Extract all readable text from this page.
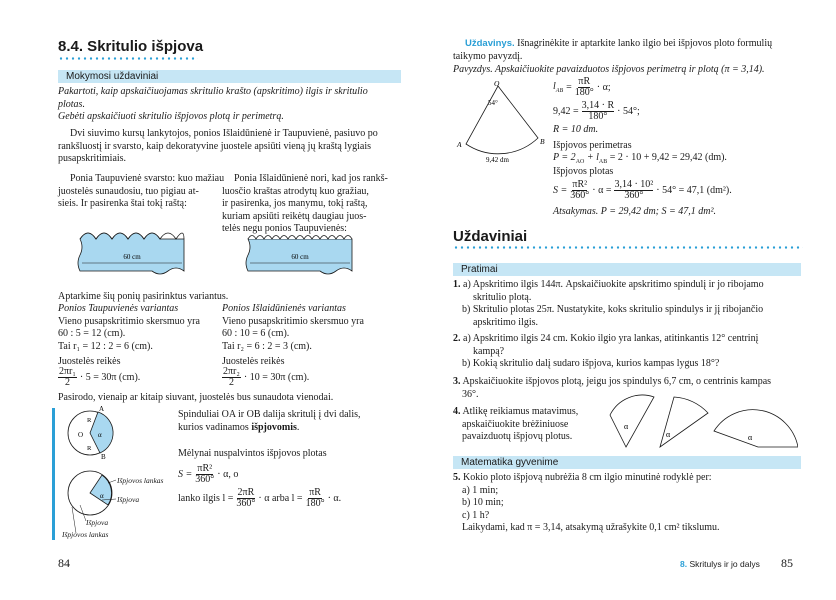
8.4. Skritulio išpjova
Mokymosi uždaviniai
Pakartoti, kaip apskaičiuojamas skritulio krašto (apskritimo) ilgis ir skritulio
plotas.
Gebėti apskaičiuoti skritulio išpjovos plotą ir perimetrą.
Dvi siuvimo kursų lankytojos, ponios Išlaidūnienė ir Taupuvienė, pasiuvo po
rankšluostį ir svarsto, kaip dekoratyvine juostele apsiūti vieną jų kraštą lygiais
pusapskritimiais.
Ponia Taupuvienė svarsto: kuo mažiau
juostelės sunaudosiu, tuo pigiau at-
sieis. Ir pasirenka štai tokį raštą:
Ponia Išlaidūnienė nori, kad jos rankš-
luosčio kraštas atrodytų kuo gražiau,
ir pasirenka, jos manymu, tokį raštą,
kuriam apsiūti reikėtų daugiau juos-
telės negu ponios Taupuvienės:
60 cm	60 cm
Aptarkime šių ponių pasirinktus variantus.
Ponios Taupuvienės variantas
Vieno pusapskritimio skersmuo yra
60 : 5 = 12 (cm).
Tai r₁ = 12 : 2 = 6 (cm).
Juostelės reikės
2πr₁
2 · 5 = 30π (cm).
Ponios Išlaidūnienės variantas
Vieno pusapskritimio skersmuo yra
60 : 10 = 6 (cm).
Tai r₂ = 6 : 2 = 3 (cm).
Juostelės reikės
2πr₂
2 · 10 = 30π (cm).
Pasirodo, vienaip ar kitaip siuvant, juostelės bus sunaudota vienodai.
A
B
O
R
R
α
α
Išpjovos lankas
Išpjova
Išpjova
Išpjovos lankas
Spinduliai OA ir OB dalija skritulį į dvi dalis,
kurios vadinamos išpjovomis.
Mėlynai nuspalvintos išpjovos plotas
$S = \frac{\text{πR²}}{360^\circ} \cdot \alpha$, o
lanko ilgis $l = \frac{2\pi R}{360^\circ} \cdot \alpha$ arba $l = \frac{\pi R}{180^\circ} \cdot \alpha$.
84
Uždavinys. Išnagrinėkite ir aptarkite lanko ilgio bei išpjovos ploto formulių
taikymo pavyzdį.
Pavyzdys. Apskaičiuokite pavaizduotos išpjovos perimetrą ir plotą (π = 3,14).
O
54°
A	B
9,42 dm
$l_{AB} = \frac{\pi R}{180^\circ} \cdot \alpha$;
$9,42 = \frac{3,14 \cdot R}{180^\circ} \cdot 54^\circ$;
R = 10 dm.
Išpjovos perimetras
$P = 2_{AO} + l_{AB} = 2 \cdot 10 + 9,42 = 29,42$ (dm).
Išpjovos plotas
$S = \frac{\text{πR²}}{360^\circ} \cdot \alpha = \frac{\text{3,14 · 10²}}{360^\circ} \cdot 54^\circ = 47,1$ (dm²).
Atsakymas. P = 29,42 dm; S = 47,1 dm².
Uždaviniai
Pratimai
1. a) Apskritimo ilgis 144π. Apskaičiuokite apskritimo spindulį ir jo ribojamo
skritulio plotą.
b) Skritulio plotas 25π. Nustatykite, koks skritulio spindulys ir jį ribojančio
apskritimo ilgis.
2. a) Apskritimo ilgis 24 cm. Kokio ilgio yra lankas, atitinkantis 12° centrinį
kampą?
b) Kokią skritulio dalį sudaro išpjova, kurios kampas lygus 18°?
3. Apskaičiuokite išpjovos plotą, jeigu jos spindulys 6,7 cm, o centrinis kampas
36°.
4. Atlikę reikiamus matavimus,
apskaičiuokite brėžiniuose
pavaizduotų išpjovų plotus.
α
α	α
Matematika gyvenime
5. Kokio ploto išpjovą nubrėžia 8 cm ilgio minutinė rodyklė per:
a) 1 min;
b) 10 min;
c) 1 h?
Laikydami, kad π = 3,14, atsakymą užrašykite 0,1 cm² tikslumu.
8. Skritulys ir jo dalys 85
